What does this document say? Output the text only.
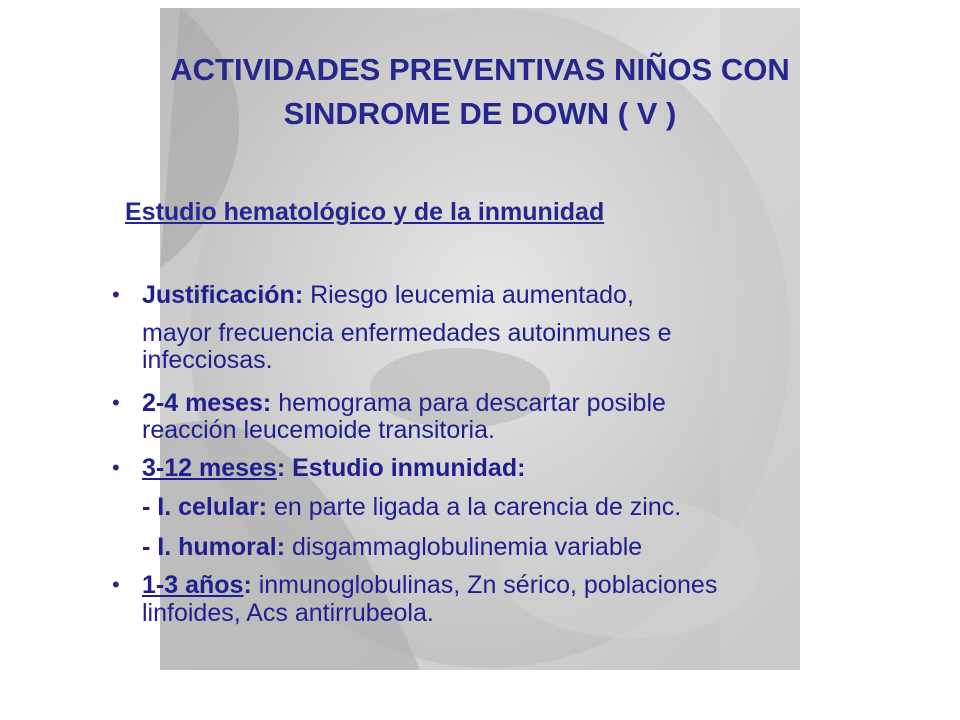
ACTIVIDADES PREVENTIVAS NIÑOS CON
SINDROME DE DOWN ( V )
Estudio hematológico y de la inmunidad
• Justificación: Riesgo leucemia aumentado,
mayor frecuencia enfermedades autoinmunes e
infecciosas.
• 2-4 meses: hemograma para descartar posible
reacción leucemoide transitoria.
• 3-12 meses: Estudio inmunidad:
- I. celular: en parte ligada a la carencia de zinc.
- I. humoral: disgammaglobulinemia variable
• 1-3 años: inmunoglobulinas, Zn sérico, poblaciones
linfoides, Acs antirrubeola.
